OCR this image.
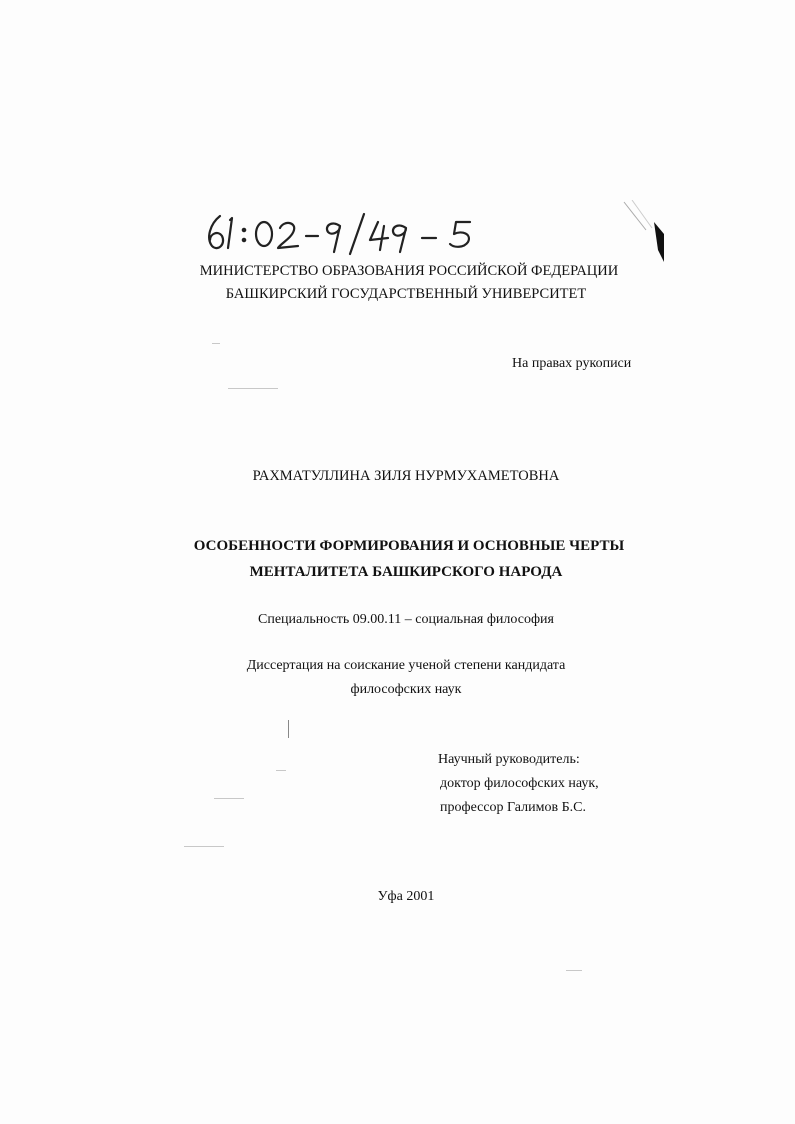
МИНИСТЕРСТВО ОБРАЗОВАНИЯ РОССИЙСКОЙ ФЕДЕРАЦИИ
БАШКИРСКИЙ ГОСУДАРСТВЕННЫЙ УНИВЕРСИТЕТ
На правах рукописи
РАХМАТУЛЛИНА ЗИЛЯ НУРМУХАМЕТОВНА
ОСОБЕННОСТИ ФОРМИРОВАНИЯ И ОСНОВНЫЕ ЧЕРТЫ
МЕНТАЛИТЕТА БАШКИРСКОГО НАРОДА
Специальность 09.00.11 – социальная философия
Диссертация на соискание ученой степени кандидата
философских наук
Научный руководитель:
доктор философских наук,
профессор Галимов Б.С.
Уфа 2001
